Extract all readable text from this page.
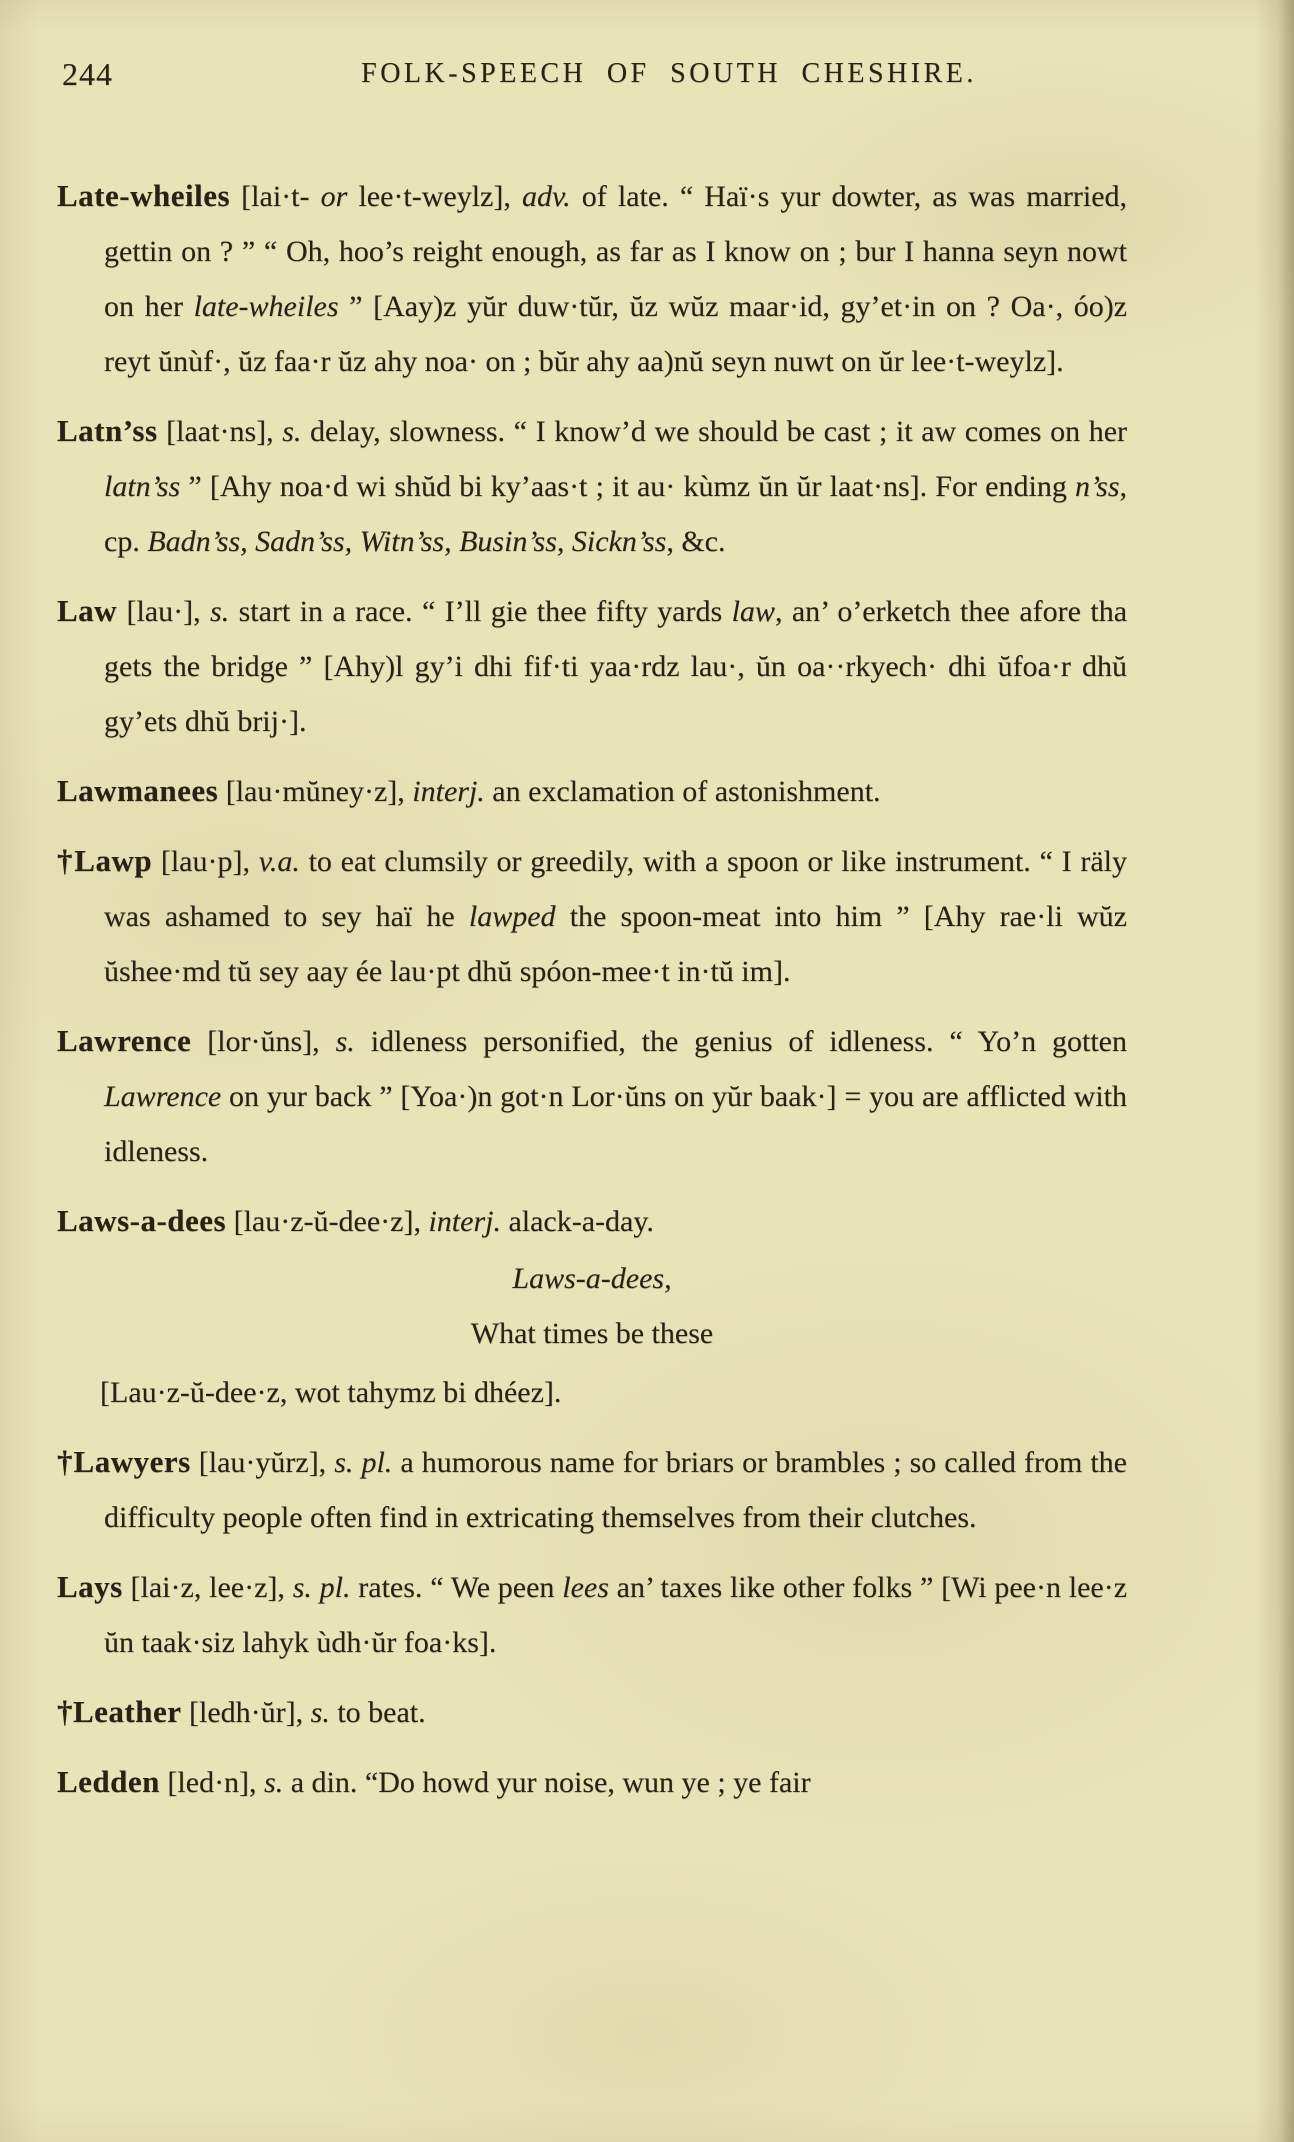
244	FOLK-SPEECH OF SOUTH CHESHIRE.

Late-wheiles [lai·t- or lee·t-weylz], adv. of late. “ Haï·s yur dowter, as was married, gettin on ? ” “ Oh, hoo’s reight enough, as far as I know on ; bur I hanna seyn nowt on her late-wheiles ” [Aay)z yŭr duw·tŭr, ŭz wŭz maar·id, gy’et·in on ? Oa·, óo)z reyt ŭnùf·, ŭz faa·r ŭz ahy noa· on ; bŭr ahy aa)nŭ seyn nuwt on ŭr lee·t-weylz].

Latn’ss [laat·ns], s. delay, slowness. “ I know’d we should be cast ; it aw comes on her latn’ss ” [Ahy noa·d wi shŭd bi ky’aas·t ; it au· kùmz ŭn ŭr laat·ns]. For ending n’ss, cp. Badn’ss, Sadn’ss, Witn’ss, Busin’ss, Sickn’ss, &c.

Law [lau·], s. start in a race. “ I’ll gie thee fifty yards law, an’ o’erketch thee afore tha gets the bridge ” [Ahy)l gy’i dhi fif·ti yaa·rdz lau·, ŭn oa··rkyech· dhi ŭfoa·r dhŭ gy’ets dhŭ brij·].

Lawmanees [lau·mŭney·z], interj. an exclamation of astonishment.

†Lawp [lau·p], v.a. to eat clumsily or greedily, with a spoon or like instrument. “ I räly was ashamed to sey haï he lawped the spoon-meat into him ” [Ahy rae·li wŭz ŭshee·md tŭ sey aay ée lau·pt dhŭ spóon-mee·t in·tŭ im].

Lawrence [lor·ŭns], s. idleness personified, the genius of idleness. “ Yo’n gotten Lawrence on yur back ” [Yoa·)n got·n Lor·ŭns on yŭr baak·] = you are afflicted with idleness.

Laws-a-dees [lau·z-ŭ-dee·z], interj. alack-a-day.

Laws-a-dees,

What times be these

[Lau·z-ŭ-dee·z, wot tahymz bi dhéez].

†Lawyers [lau·yŭrz], s. pl. a humorous name for briars or brambles ; so called from the difficulty people often find in extricating themselves from their clutches.

Lays [lai·z, lee·z], s. pl. rates. “ We peen lees an’ taxes like other folks ” [Wi pee·n lee·z ŭn taak·siz lahyk ùdh·ŭr foa·ks].

†Leather [ledh·ŭr], s. to beat.

Ledden [led·n], s. a din. “Do howd yur noise, wun ye ; ye fair
